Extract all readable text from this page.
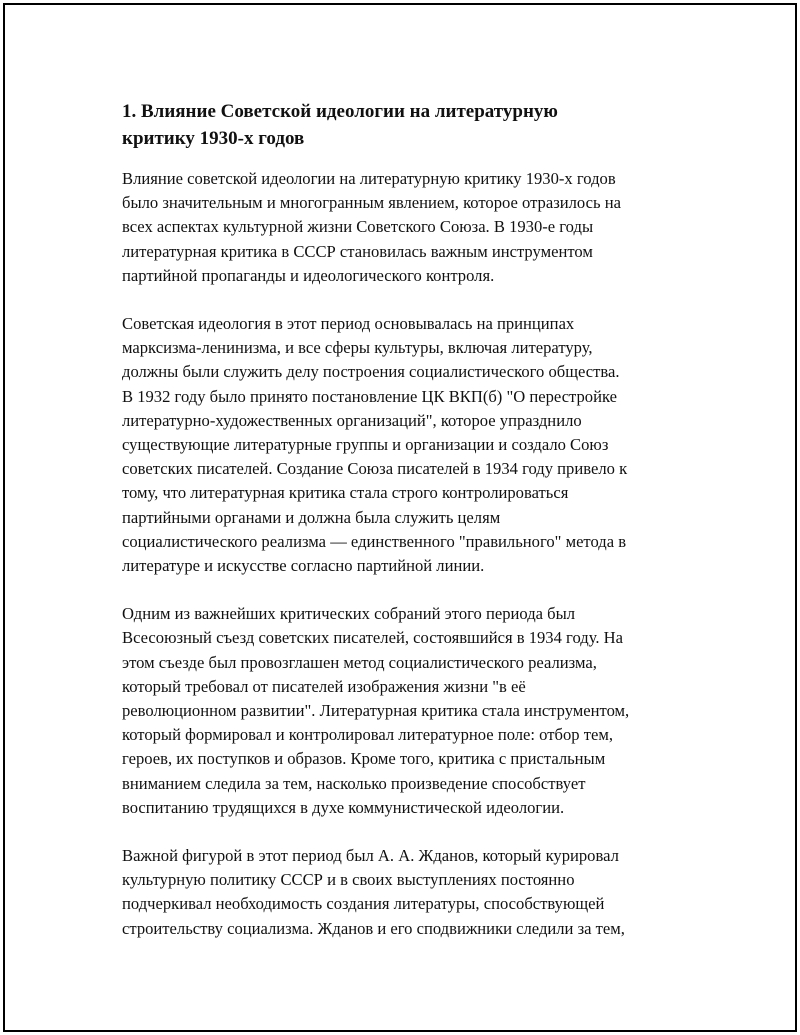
1. Влияние Советской идеологии на литературную
критику 1930-х годов

Влияние советской идеологии на литературную критику 1930-х годов
было значительным и многогранным явлением, которое отразилось на
всех аспектах культурной жизни Советского Союза. В 1930-е годы
литературная критика в СССР становилась важным инструментом
партийной пропаганды и идеологического контроля.

Советская идеология в этот период основывалась на принципах
марксизма-ленинизма, и все сферы культуры, включая литературу,
должны были служить делу построения социалистического общества.
В 1932 году было принято постановление ЦК ВКП(б) "О перестройке
литературно-художественных организаций", которое упразднило
существующие литературные группы и организации и создало Союз
советских писателей. Создание Союза писателей в 1934 году привело к
тому, что литературная критика стала строго контролироваться
партийными органами и должна была служить целям
социалистического реализма — единственного "правильного" метода в
литературе и искусстве согласно партийной линии.

Одним из важнейших критических собраний этого периода был
Всесоюзный съезд советских писателей, состоявшийся в 1934 году. На
этом съезде был провозглашен метод социалистического реализма,
который требовал от писателей изображения жизни "в её
революционном развитии". Литературная критика стала инструментом,
который формировал и контролировал литературное поле: отбор тем,
героев, их поступков и образов. Кроме того, критика с пристальным
вниманием следила за тем, насколько произведение способствует
воспитанию трудящихся в духе коммунистической идеологии.

Важной фигурой в этот период был А. А. Жданов, который курировал
культурную политику СССР и в своих выступлениях постоянно
подчеркивал необходимость создания литературы, способствующей
строительству социализма. Жданов и его сподвижники следили за тем,
